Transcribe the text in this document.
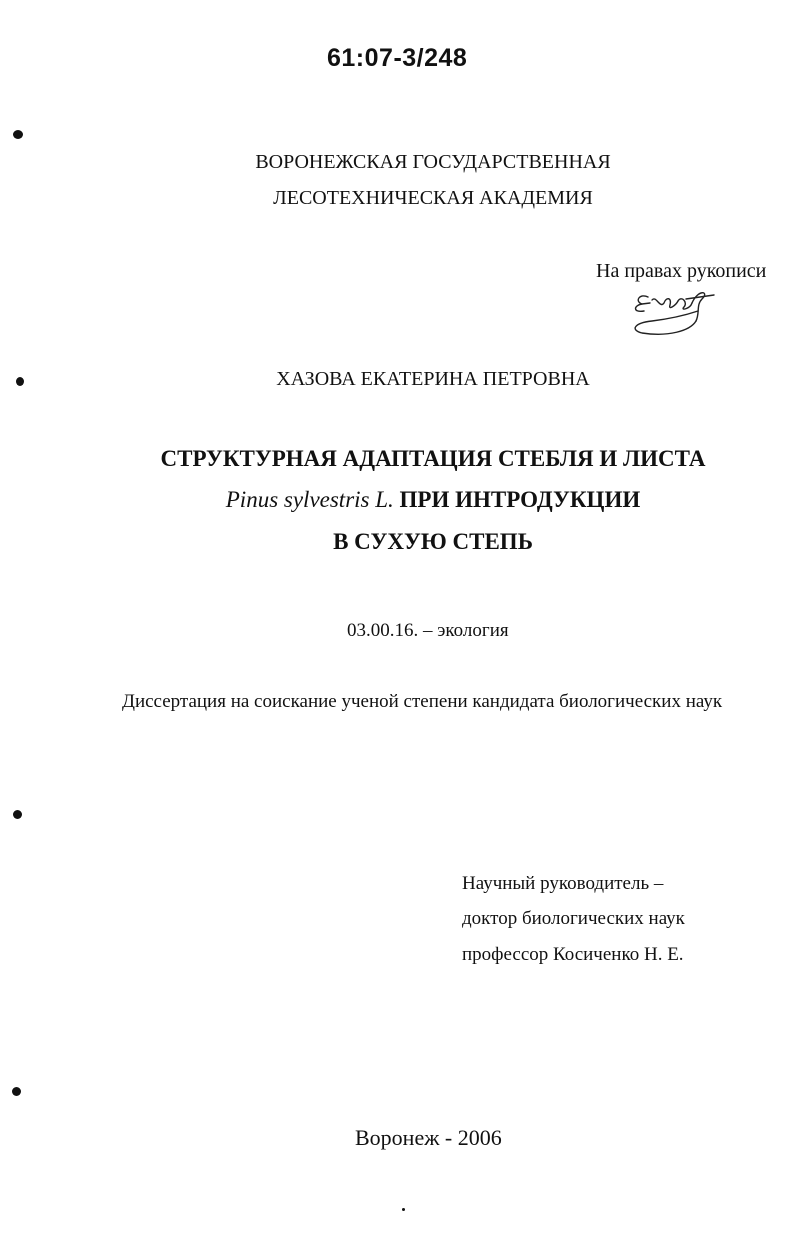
61:07-3/248
ВОРОНЕЖСКАЯ ГОСУДАРСТВЕННАЯ
ЛЕСОТЕХНИЧЕСКАЯ АКАДЕМИЯ
На правах рукописи
ХАЗОВА ЕКАТЕРИНА ПЕТРОВНА
СТРУКТУРНАЯ АДАПТАЦИЯ СТЕБЛЯ И ЛИСТА
Pinus sylvestris L. ПРИ ИНТРОДУКЦИИ
В СУХУЮ СТЕПЬ
03.00.16. – экология
Диссертация на соискание ученой степени кандидата биологических наук
Научный руководитель –
доктор биологических наук
профессор Косиченко Н. Е.
Воронеж - 2006
